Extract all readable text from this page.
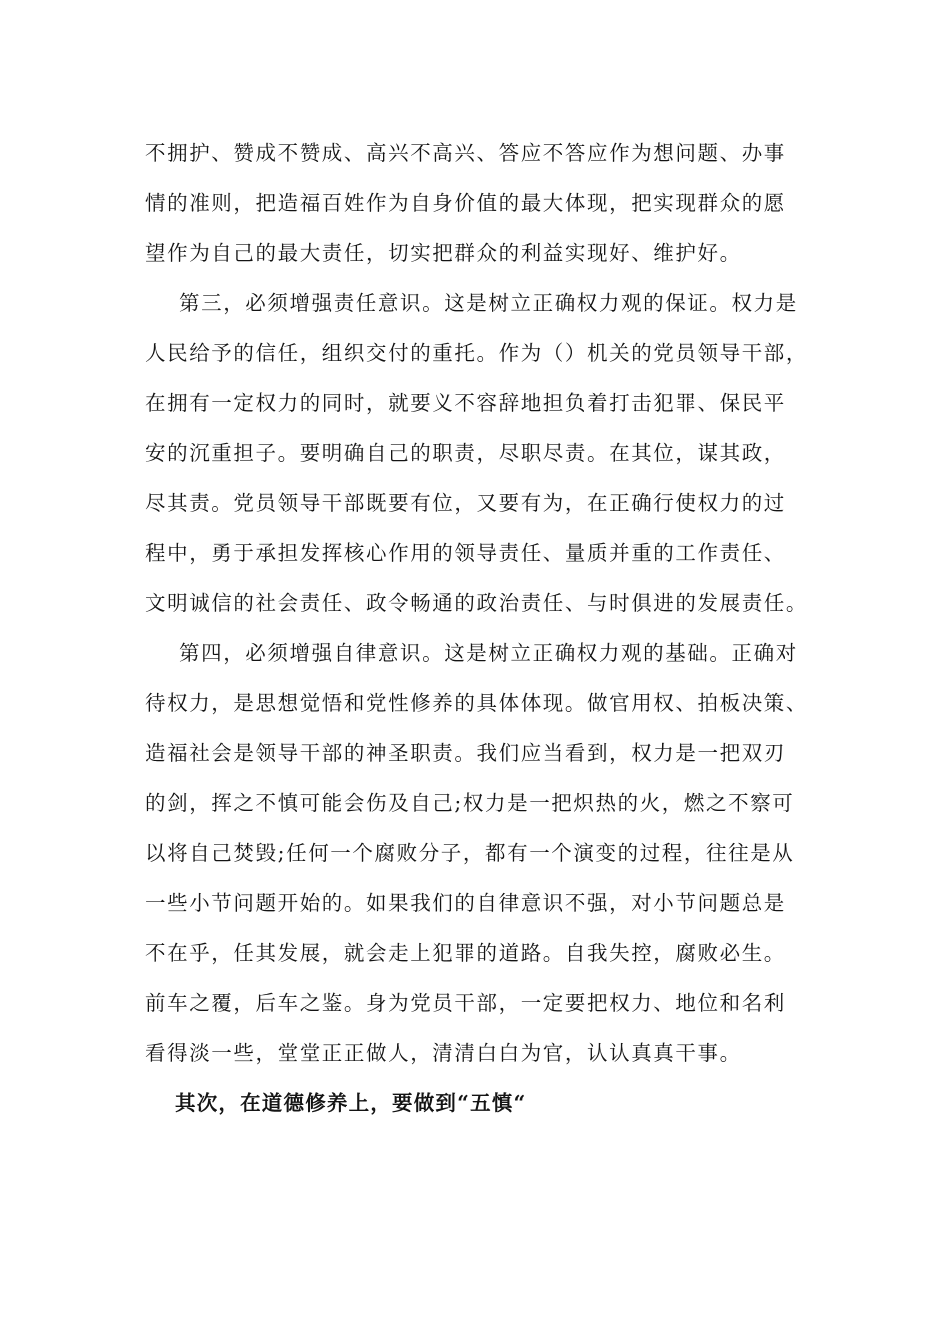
不拥护、赞成不赞成、高兴不高兴、答应不答应作为想问题、办事
情的准则，把造福百姓作为自身价值的最大体现，把实现群众的愿
望作为自己的最大责任，切实把群众的利益实现好、维护好。
第三，必须增强责任意识。这是树立正确权力观的保证。权力是
人民给予的信任，组织交付的重托。作为（）机关的党员领导干部，
在拥有一定权力的同时，就要义不容辞地担负着打击犯罪、保民平
安的沉重担子。要明确自己的职责，尽职尽责。在其位，谋其政，
尽其责。党员领导干部既要有位，又要有为，在正确行使权力的过
程中，勇于承担发挥核心作用的领导责任、量质并重的工作责任、
文明诚信的社会责任、政令畅通的政治责任、与时俱进的发展责任。
第四，必须增强自律意识。这是树立正确权力观的基础。正确对
待权力，是思想觉悟和党性修养的具体体现。做官用权、拍板决策、
造福社会是领导干部的神圣职责。我们应当看到，权力是一把双刃
的剑，挥之不慎可能会伤及自己;权力是一把炽热的火，燃之不察可
以将自己焚毁;任何一个腐败分子，都有一个演变的过程，往往是从
一些小节问题开始的。如果我们的自律意识不强，对小节问题总是
不在乎，任其发展，就会走上犯罪的道路。自我失控，腐败必生。
前车之覆，后车之鉴。身为党员干部，一定要把权力、地位和名利
看得淡一些，堂堂正正做人，清清白白为官，认认真真干事。
其次，在道德修养上，要做到“五慎“
